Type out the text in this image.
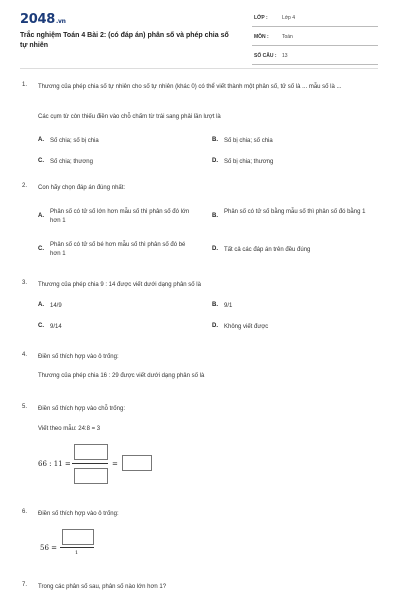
2048.vn
Trắc nghiệm Toán 4 Bài 2: (có đáp án) phân số và phép chia số tự nhiên
LỚP :	Lớp 4
MÔN :	Toán
SỐ CÂU : 13
1. Thương của phép chia số tự nhiên cho số tự nhiên (khác 0) có thể viết thành một phân số, tử số là ... mẫu số là ...
Các cụm từ còn thiếu điền vào chỗ chấm từ trái sang phải lần lượt là
A. Số chia; số bị chia	B. Số bị chia; số chia
C. Số chia; thương	D. Số bị chia; thương
2. Con hãy chọn đáp án đúng nhất:
A.
Phân số có tử số lớn hơn mẫu số thì phân số đó lớn hơn 1
B.
Phân số có tử số bằng mẫu số thì phân số đó bằng 1
C.
Phân số có tử số bé hơn mẫu số thì phân số đó bé hơn 1
D. Tất cả các đáp án trên đều đúng
3. Thương của phép chia 9 : 14 được viết dưới dạng phân số là
A. 14/9	B. 9/1
C. 9/14	D. Không viết được
4. Điền số thích hợp vào ô trống:
Thương của phép chia 16 : 29 được viết dưới dạng phân số là
5. Điền số thích hợp vào chỗ trống:
Viết theo mẫu: 24:8 = 3
66 : 11 =	=
6. Điền số thích hợp vào ô trống:
56 =
1
7. Trong các phân số sau, phân số nào lớn hơn 1?
